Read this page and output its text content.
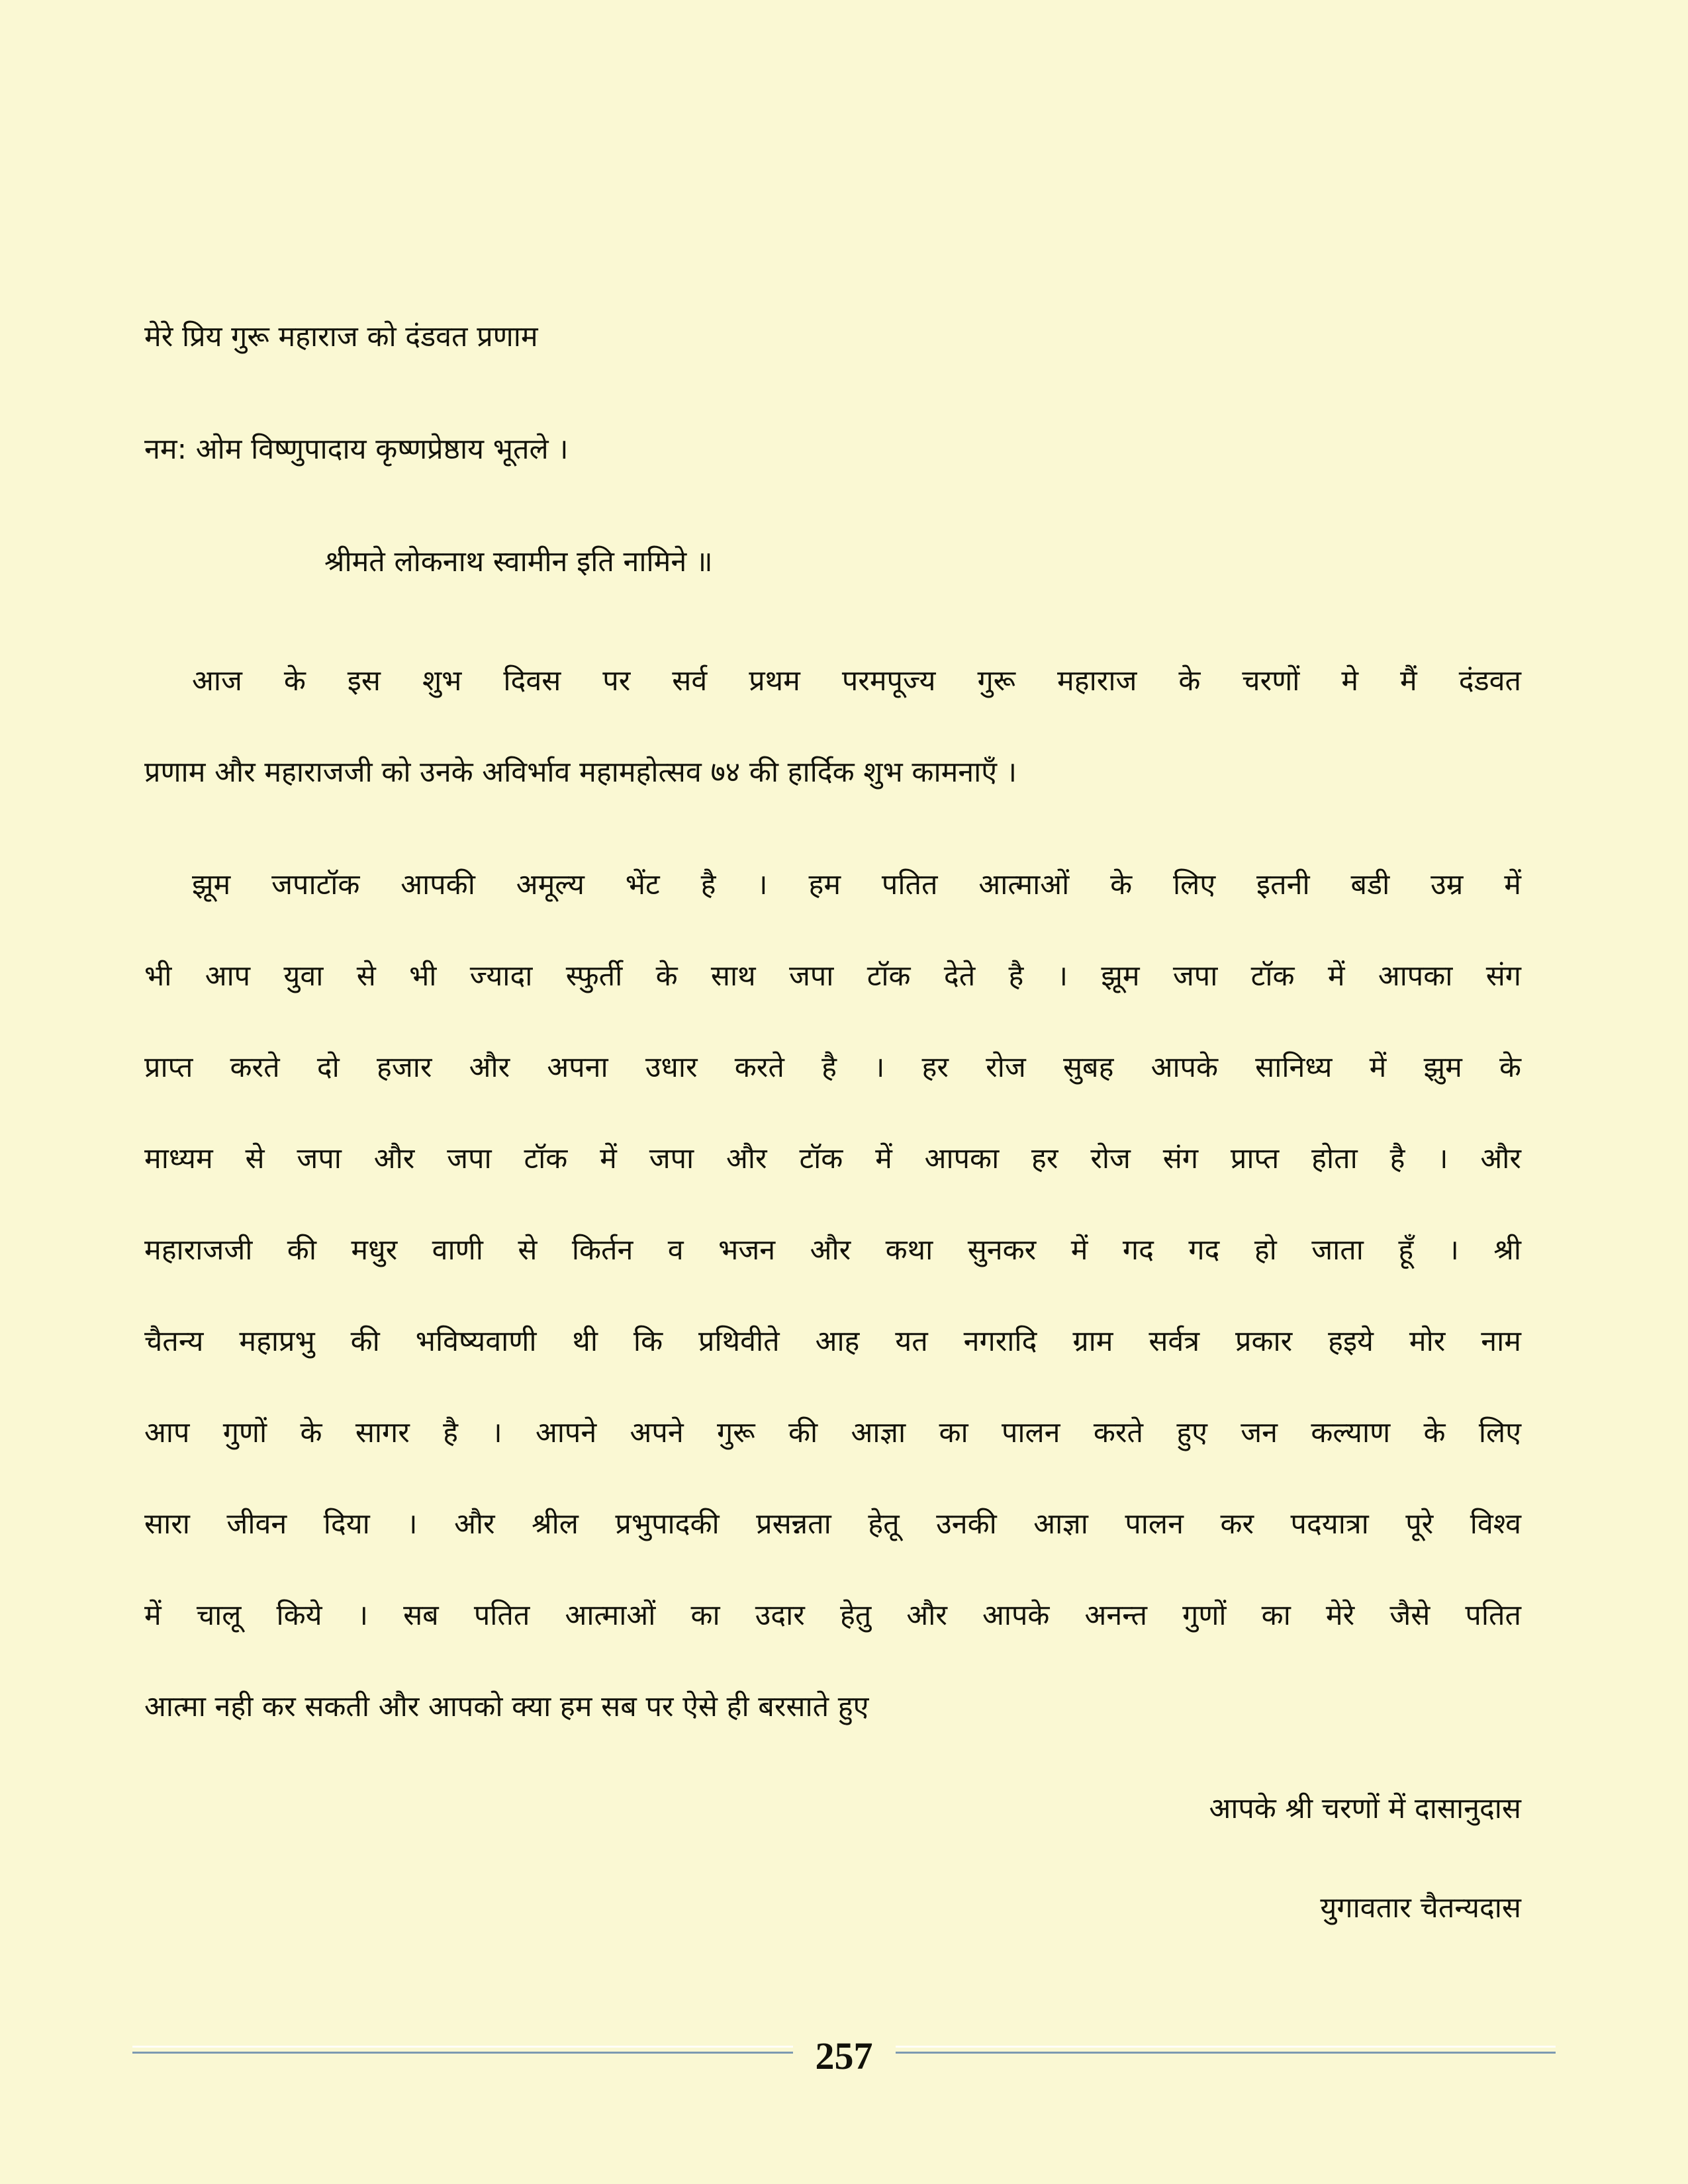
मेरे प्रिय गुरू महाराज को दंडवत प्रणाम
नम: ओम विष्णुपादाय कृष्णप्रेष्ठाय भूतले ।
श्रीमते लोकनाथ स्वामीन इति नामिने ॥
आज के इस शुभ दिवस पर सर्व प्रथम परमपूज्य गुरू महाराज के चरणों मे मैं दंडवत
प्रणाम और महाराजजी को उनके अविर्भाव महामहोत्सव ७४ की हार्दिक शुभ कामनाएँ ।
झूम जपाटॉक आपकी अमूल्य भेंट है । हम पतित आत्माओं के लिए इतनी बडी उम्र में
भी आप युवा से भी ज्यादा स्फुर्ती के साथ जपा टॉक देते है । झूम जपा टॉक में आपका संग
प्राप्त करते दो हजार और अपना उधार करते है । हर रोज सुबह आपके सानिध्य में झुम के
माध्यम से जपा और जपा टॉक में जपा और टॉक में आपका हर रोज संग प्राप्त होता है । और
महाराजजी की मधुर वाणी से किर्तन व भजन और कथा सुनकर में गद गद हो जाता हूँ । श्री
चैतन्य महाप्रभु की भविष्यवाणी थी कि प्रथिवीते आह यत नगरादि ग्राम सर्वत्र प्रकार हइये मोर नाम
आप गुणों के सागर है । आपने अपने गुरू की आज्ञा का पालन करते हुए जन कल्याण के लिए
सारा जीवन दिया । और श्रील प्रभुपादकी प्रसन्नता हेतू उनकी आज्ञा पालन कर पदयात्रा पूरे विश्व
में चालू किये । सब पतित आत्माओं का उदार हेतु और आपके अनन्त गुणों का मेरे जैसे पतित
आत्मा नही कर सकती और आपको क्या हम सब पर ऐसे ही बरसाते हुए
आपके श्री चरणों में दासानुदास
युगावतार चैतन्यदास
257
